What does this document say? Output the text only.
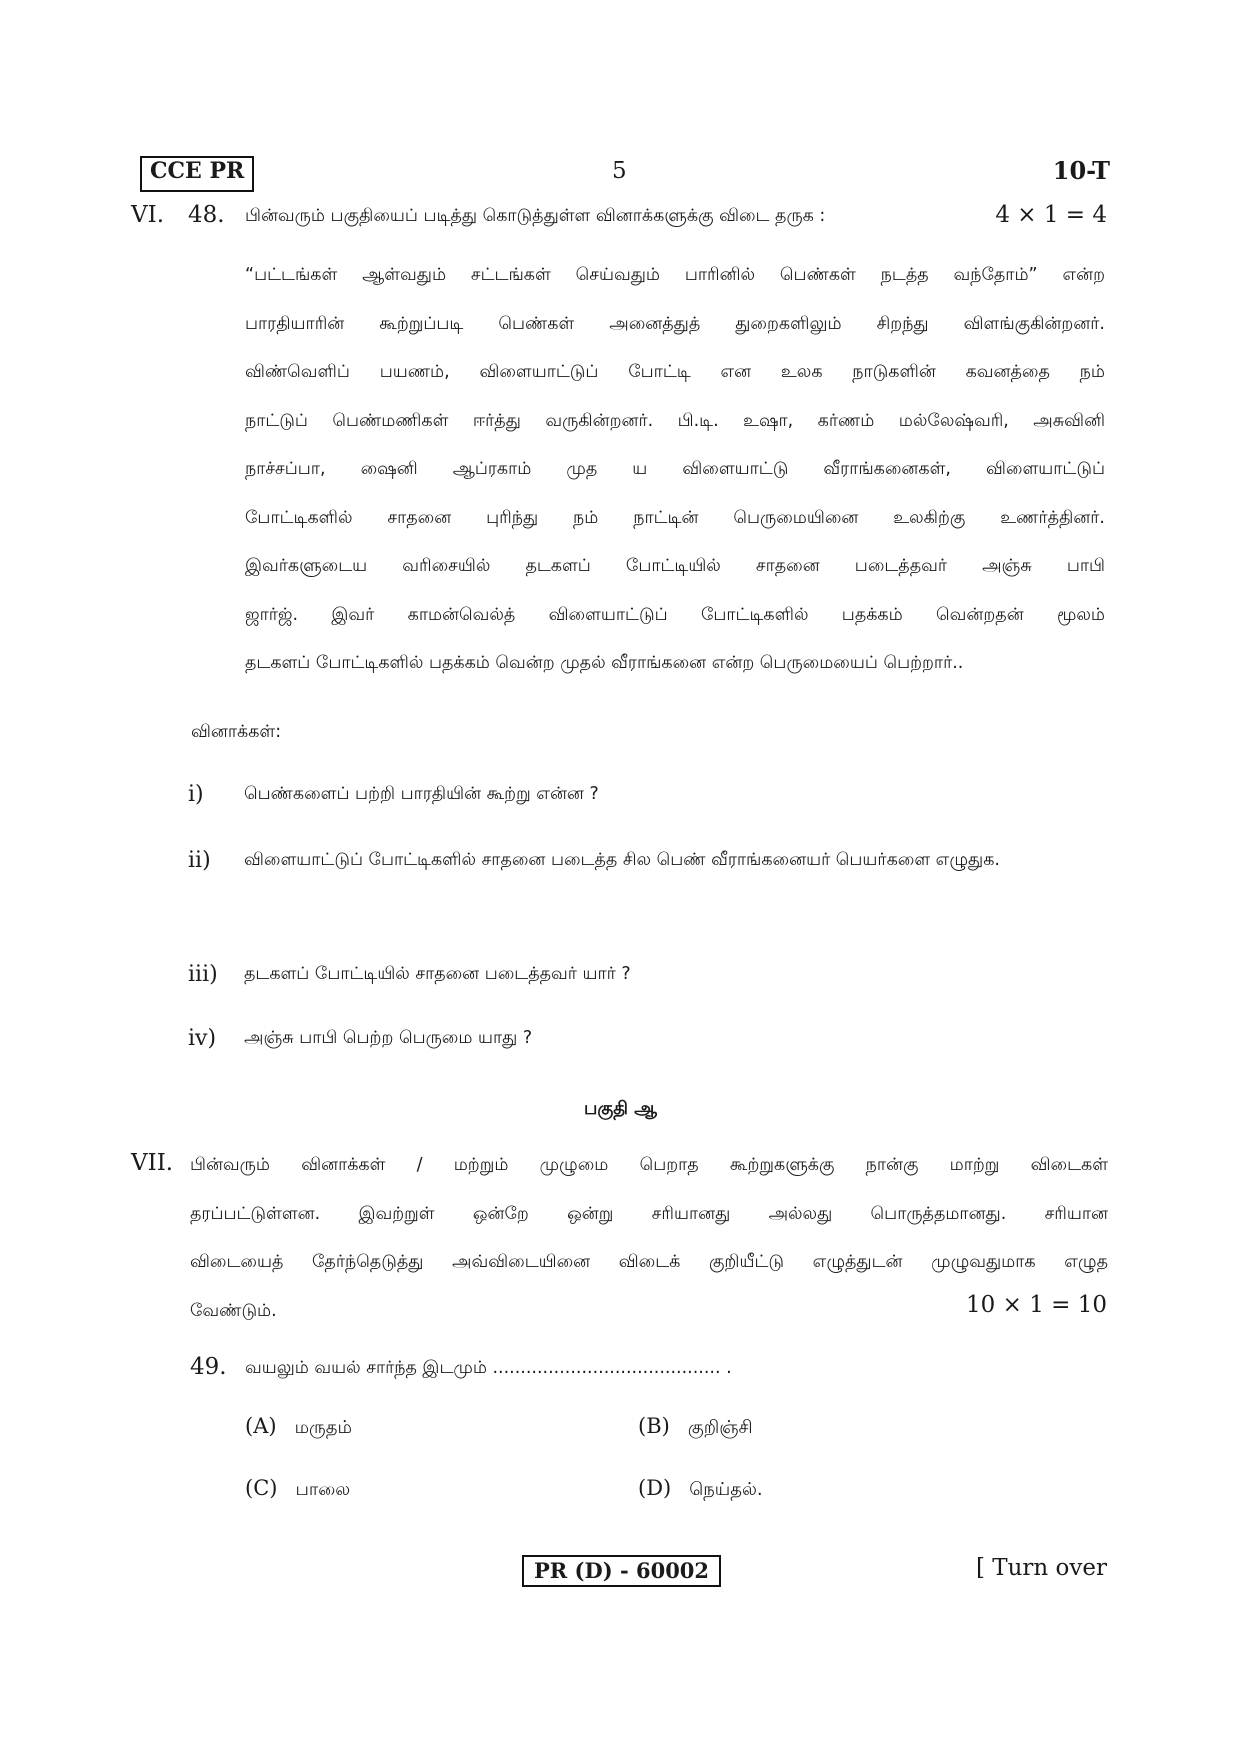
CCE PR	5	10-T
VI. 48. பின்வரும் பகுதியைப் படித்து கொடுத்துள்ள வினாக்களுக்கு விடை தருக :	4 × 1 = 4
“பட்டங்கள் ஆள்வதும் சட்டங்கள் செய்வதும் பாரினில் பெண்கள் நடத்த வந்தோம்” என்ற
பாரதியாரின் கூற்றுப்படி பெண்கள் அனைத்துத் துறைகளிலும் சிறந்து விளங்குகின்றனர்.
விண்வெளிப் பயணம், விளையாட்டுப் போட்டி என உலக நாடுகளின் கவனத்தை நம்
நாட்டுப் பெண்மணிகள் ஈர்த்து வருகின்றனர். பி.டி. உஷா, கர்ணம் மல்லேஷ்வரி, அசுவினி
நாச்சப்பா, ஷைனி ஆப்ரகாம் முத ய விளையாட்டு வீராங்கனைகள், விளையாட்டுப்
போட்டிகளில் சாதனை புரிந்து நம் நாட்டின் பெருமையினை உலகிற்கு உணர்த்தினர்.
இவர்களுடைய வரிசையில் தடகளப் போட்டியில் சாதனை படைத்தவர் அஞ்சு பாபி
ஜார்ஜ். இவர் காமன்வெல்த் விளையாட்டுப் போட்டிகளில் பதக்கம் வென்றதன் மூலம்
தடகளப் போட்டிகளில் பதக்கம் வென்ற முதல் வீராங்கனை என்ற பெருமையைப் பெற்றார்..
வினாக்கள்:
i) பெண்களைப் பற்றி பாரதியின் கூற்று என்ன ?
ii) விளையாட்டுப் போட்டிகளில் சாதனை படைத்த சில பெண் வீராங்கனையர் பெயர்களை எழுதுக.
iii) தடகளப் போட்டியில் சாதனை படைத்தவர் யார் ?
iv) அஞ்சு பாபி பெற்ற பெருமை யாது ?
பகுதி ஆ
VII. பின்வரும் வினாக்கள் / மற்றும் முழுமை பெறாத கூற்றுகளுக்கு நான்கு மாற்று விடைகள்
தரப்பட்டுள்ளன. இவற்றுள் ஒன்றே ஒன்று சரியானது அல்லது பொருத்தமானது. சரியான
விடையைத் தேர்ந்தெடுத்து அவ்விடையினை விடைக் குறியீட்டு எழுத்துடன் முழுவதுமாக எழுத
வேண்டும்.	10 × 1 = 10
49. வயலும் வயல் சார்ந்த இடமும் ......................................... .
(A) மருதம்	(B) குறிஞ்சி
(C) பாலை	(D) நெய்தல்.
PR (D) - 60002	[ Turn over
